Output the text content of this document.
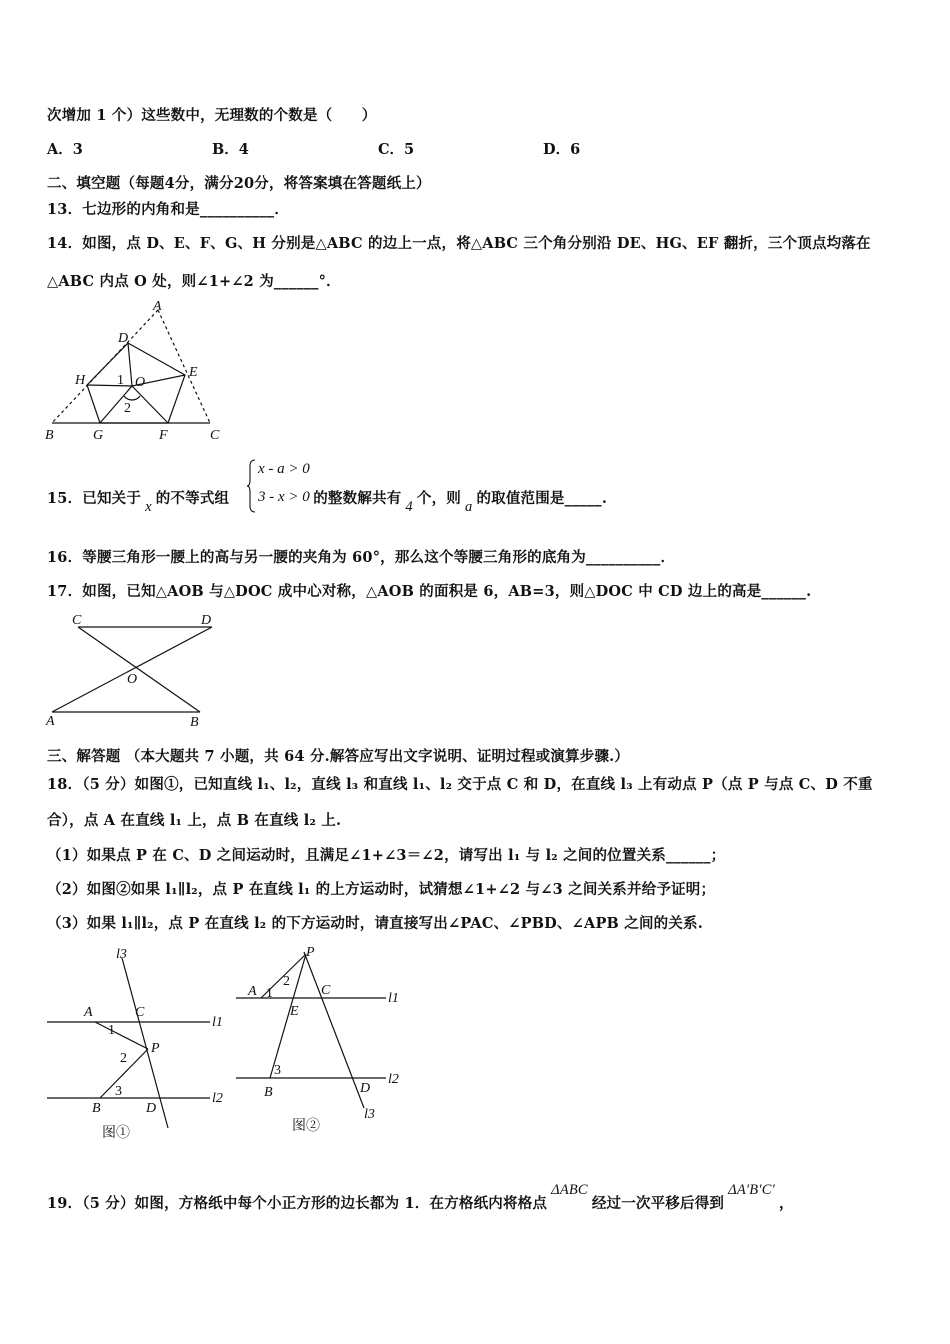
次增加 1 个）这些数中，无理数的个数是（　　）
A．3	B．4	C．5	D．6
二、填空题（每题4分，满分20分，将答案填在答题纸上）
13．七边形的内角和是__________．
14．如图，点 D、E、F、G、H 分别是△ABC 的边上一点，将△ABC 三个角分别沿 DE、HG、EF 翻折，三个顶点均落在
△ABC 内点 O 处，则∠1+∠2 为______°．
A
D
E
H	O
1
2
B	G	F	C
15．已知关于 x 的不等式组	的整数解共有 4 个，则 a 的取值范围是_____.
x - a > 0
3 - x > 0
16．等腰三角形一腰上的高与另一腰的夹角为 60°，那么这个等腰三角形的底角为__________．
17．如图，已知△AOB 与△DOC 成中心对称，△AOB 的面积是 6，AB=3，则△DOC 中 CD 边上的高是______.
C	D
O
A	B
三、解答题 （本大题共 7 小题，共 64 分.解答应写出文字说明、证明过程或演算步骤.）
18．（5 分）如图①，已知直线 l₁、l₂，直线 l₃ 和直线 l₁、l₂ 交于点 C 和 D，在直线 l₃ 上有动点 P（点 P 与点 C、D 不重
合），点 A 在直线 l₁ 上，点 B 在直线 l₂ 上.
（1）如果点 P 在 C、D 之间运动时，且满足∠1+∠3＝∠2，请写出 l₁ 与 l₂ 之间的位置关系______；
（2）如图②如果 l₁∥l₂，点 P 在直线 l₁ 的上方运动时，试猜想∠1+∠2 与∠3 之间关系并给予证明；
（3）如果 l₁∥l₂，点 P 在直线 l₂ 的下方运动时，请直接写出∠PAC、∠PBD、∠APB 之间的关系.
l3
A	C
l1
1
2
P
3	l2
B	D
图①
P
A 1
2
C
l1
E
3
D
l2
B
l3
图②
19．（5 分）如图，方格纸中每个小正方形的边长都为 1．在方格纸内将格点ΔABC经过一次平移后得到ΔA′B′C′，
